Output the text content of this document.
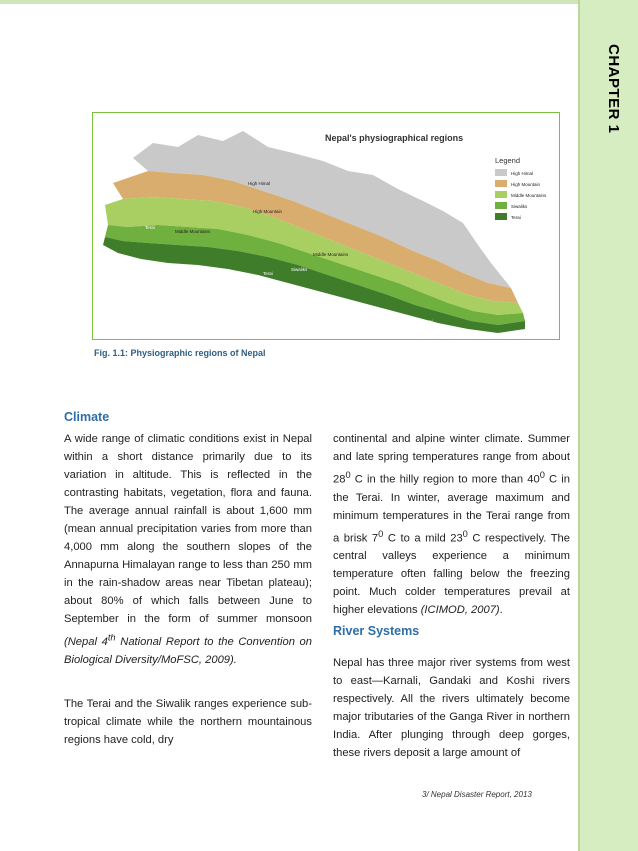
CHAPTER 1
Nepal's physiographical regions
High Himal
High Mountain
Middle Mountains
Middle Mountains
Siwaliks
Terai
Terai
Terai
Legend
High Himal
High Mountain
Middle Mountains
Siwaliks
Terai
Fig. 1.1: Physiographic regions of Nepal
Climate

A wide range of climatic conditions exist in Nepal within a short distance primarily due to its variation in altitude. This is reflected in the contrasting habitats, vegetation, flora and fauna. The average annual rainfall is about 1,600 mm (mean annual precipitation varies from more than 4,000 mm along the southern slopes of the Annapurna Himalayan range to less than 250 mm in the rain-shadow areas near Tibetan plateau); about 80% of which falls between June to September in the form of summer monsoon (Nepal 4th National Report to the Convention on Biological Diversity/MoFSC, 2009).

The Terai and the Siwalik ranges experience sub-tropical climate while the northern mountainous regions have cold, dry

continental and alpine winter climate. Summer and late spring temperatures range from about $28^0$ C in the hilly region to more than $40^0$ C in the Terai. In winter, average maximum and minimum temperatures in the Terai range from a brisk $7^0$ C to a mild $23^0$ C respectively. The central valleys experience a minimum temperature often falling below the freezing point. Much colder temperatures prevail at higher elevations (ICIMOD, 2007).

River Systems

Nepal has three major river systems from west to east—Karnali, Gandaki and Koshi rivers respectively. All the rivers ultimately become major tributaries of the Ganga River in northern India. After plunging through deep gorges, these rivers deposit a large amount of

3/ Nepal Disaster Report, 2013
